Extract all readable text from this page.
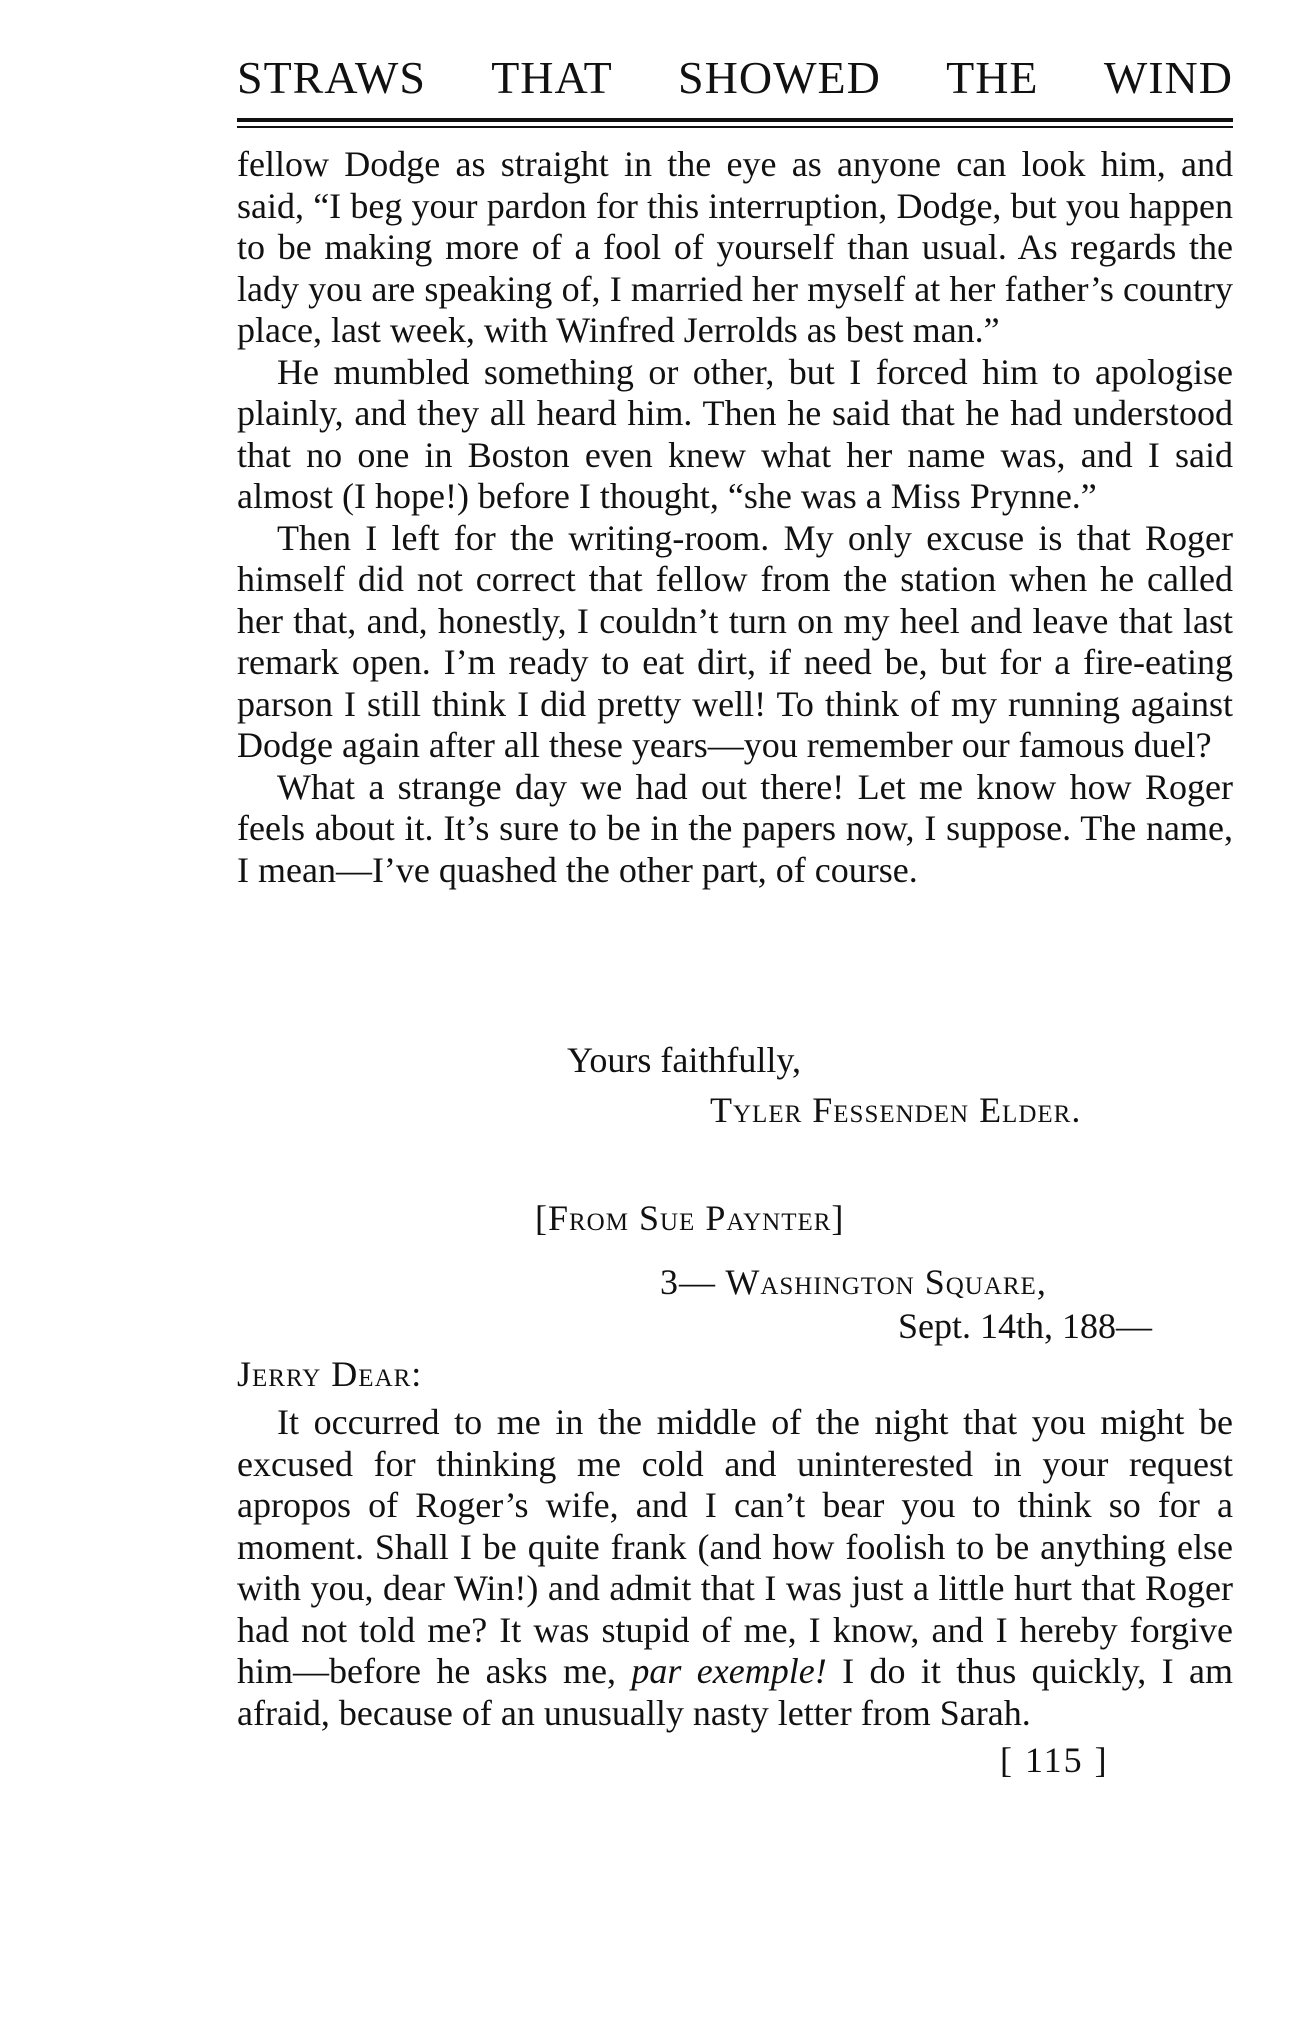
STRAWS THAT SHOWED THE WIND

fellow Dodge as straight in the eye as anyone can look him, and said, “I beg your pardon for this interruption, Dodge, but you happen to be making more of a fool of yourself than usual. As regards the lady you are speaking of, I married her myself at her father’s country place, last week, with Winfred Jerrolds as best man.”

He mumbled something or other, but I forced him to apologise plainly, and they all heard him. Then he said that he had understood that no one in Boston even knew what her name was, and I said almost (I hope!) before I thought, “she was a Miss Prynne.”

Then I left for the writing-room. My only excuse is that Roger himself did not correct that fellow from the station when he called her that, and, honestly, I couldn’t turn on my heel and leave that last remark open. I’m ready to eat dirt, if need be, but for a fire-eating parson I still think I did pretty well! To think of my running against Dodge again after all these years—you remember our famous duel?

What a strange day we had out there! Let me know how Roger feels about it. It’s sure to be in the papers now, I suppose. The name, I mean—I’ve quashed the other part, of course.

Yours faithfully,
Tyler Fessenden Elder.
[From Sue Paynter]
3— Washington Square,
Sept. 14th, 188—
Jerry Dear:

It occurred to me in the middle of the night that you might be excused for thinking me cold and uninterested in your request apropos of Roger’s wife, and I can’t bear you to think so for a moment. Shall I be quite frank (and how foolish to be anything else with you, dear Win!) and admit that I was just a little hurt that Roger had not told me? It was stupid of me, I know, and I hereby forgive him—before he asks me, par exemple! I do it thus quickly, I am afraid, because of an unusually nasty letter from Sarah.

[ 115 ]
